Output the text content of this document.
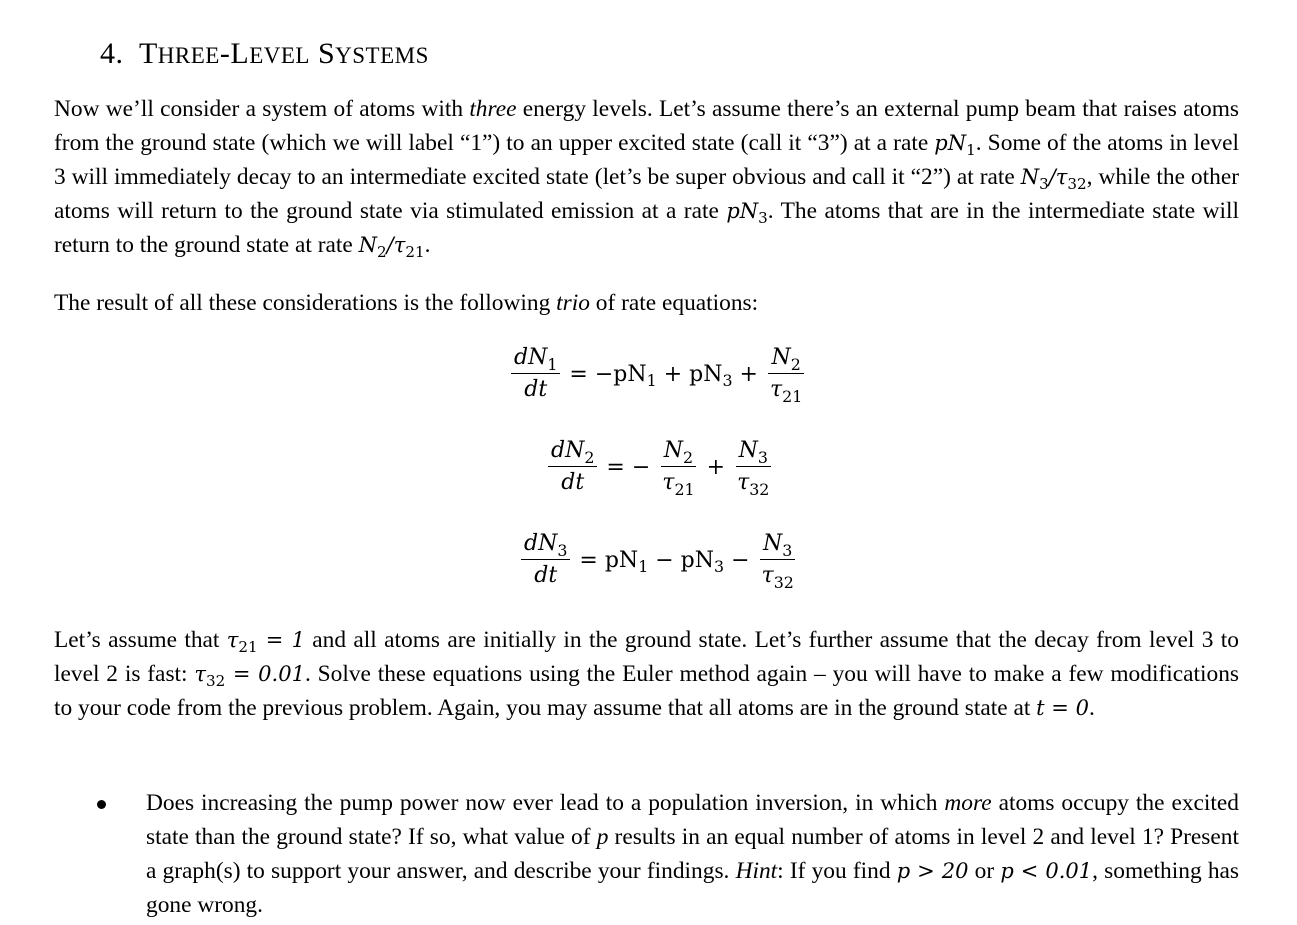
4. THREE-LEVEL SYSTEMS
Now we’ll consider a system of atoms with three energy levels. Let’s assume there’s an external pump beam that raises atoms from the ground state (which we will label “1”) to an upper excited state (call it “3”) at a rate $pN_1$. Some of the atoms in level 3 will immediately decay to an intermediate excited state (let’s be super obvious and call it “2”) at rate $N_3/\tau_{32}$, while the other atoms will return to the ground state via stimulated emission at a rate $pN_3$. The atoms that are in the intermediate state will return to the ground state at rate $N_2/\tau_{21}$.
The result of all these considerations is the following trio of rate equations:
$\frac{dN_1}{dt} = -pN_1 + pN_3 + \frac{N_2}{\tau_{21}}$
$\frac{dN_2}{dt}$ = − $\frac{N_2}{\tau_{21}} + \frac{N_3}{\tau_{32}}$
$\frac{dN_3}{dt} = pN_1 - pN_3 - \frac{N_3}{\tau_{32}}$
Let’s assume that $\tau_{21} = 1$ and all atoms are initially in the ground state. Let’s further assume that the decay from level 3 to level 2 is fast: $\tau_{32} = 0.01$. Solve these equations using the Euler method again – you will have to make a few modifications to your code from the previous problem. Again, you may assume that all atoms are in the ground state at t = 0.
Does increasing the pump power now ever lead to a population inversion, in which more atoms occupy the excited state than the ground state? If so, what value of p results in an equal number of atoms in level 2 and level 1? Present a graph(s) to support your answer, and describe your findings. Hint: If you find p > 20 or p < 0.01, something has gone wrong.
